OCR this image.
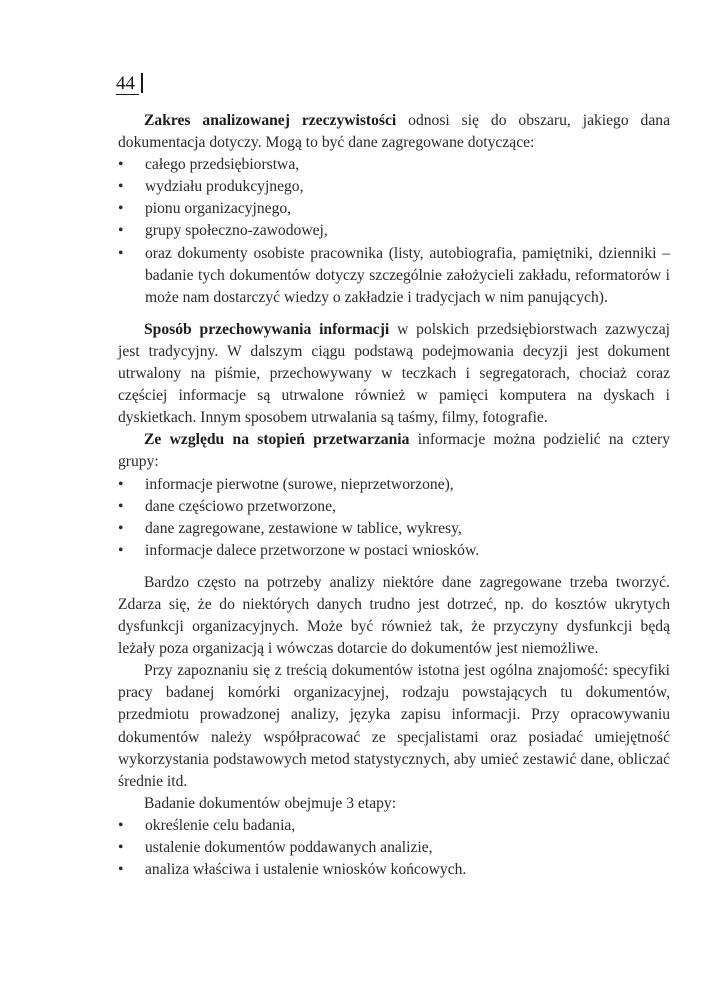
44

Zakres analizowanej rzeczywistości odnosi się do obszaru, jakiego dana dokumentacja dotyczy. Mogą to być dane zagregowane dotyczące:

• całego przedsiębiorstwa,
• wydziału produkcyjnego,
• pionu organizacyjnego,
• grupy społeczno-zawodowej,
• oraz dokumenty osobiste pracownika (listy, autobiografia, pamiętniki, dzienniki – badanie tych dokumentów dotyczy szczególnie założycieli zakładu, reformatorów i może nam dostarczyć wiedzy o zakładzie i tradycjach w nim panujących).

Sposób przechowywania informacji w polskich przedsiębiorstwach zazwyczaj jest tradycyjny. W dalszym ciągu podstawą podejmowania decyzji jest dokument utrwalony na piśmie, przechowywany w teczkach i segregatorach, chociaż coraz częściej informacje są utrwalone również w pamięci komputera na dyskach i dyskietkach. Innym sposobem utrwalania są taśmy, filmy, fotografie.

Ze względu na stopień przetwarzania informacje można podzielić na cztery grupy:

• informacje pierwotne (surowe, nieprzetworzone),
• dane częściowo przetworzone,
• dane zagregowane, zestawione w tablice, wykresy,
• informacje dalece przetworzone w postaci wniosków.

Bardzo często na potrzeby analizy niektóre dane zagregowane trzeba tworzyć. Zdarza się, że do niektórych danych trudno jest dotrzeć, np. do kosztów ukrytych dysfunkcji organizacyjnych. Może być również tak, że przyczyny dysfunkcji będą leżały poza organizacją i wówczas dotarcie do dokumentów jest niemożliwe.

Przy zapoznaniu się z treścią dokumentów istotna jest ogólna znajomość: specyfiki pracy badanej komórki organizacyjnej, rodzaju powstających tu dokumentów, przedmiotu prowadzonej analizy, języka zapisu informacji. Przy opracowywaniu dokumentów należy współpracować ze specjalistami oraz posiadać umiejętność wykorzystania podstawowych metod statystycznych, aby umieć zestawić dane, obliczać średnie itd.

Badanie dokumentów obejmuje 3 etapy:

• określenie celu badania,
• ustalenie dokumentów poddawanych analizie,
• analiza właściwa i ustalenie wniosków końcowych.
